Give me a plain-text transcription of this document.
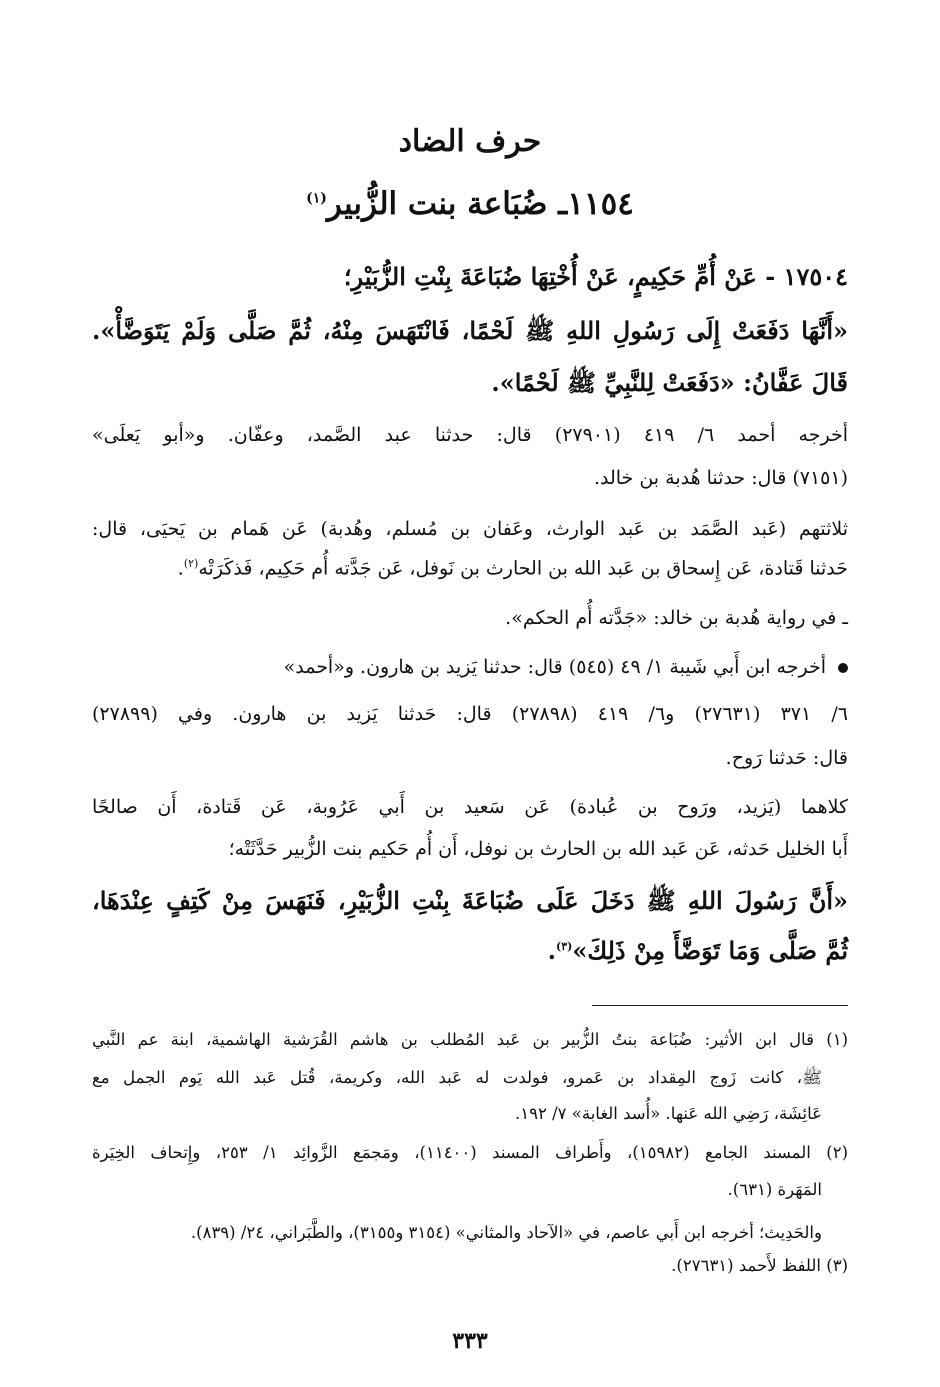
حرف الضاد
١١٥٤ـ ضُبَاعة بنت الزُّبير$^{(١)}$
١٧٥٠٤ - عَنْ أُمِّ حَكِيمٍ، عَنْ أُخْتِهَا ضُبَاعَةَ بِنْتِ الزُّبَيْرِ؛
«أَنَّهَا دَفَعَتْ إِلَى رَسُولِ اللهِ ﷺ لَحْمًا، فَانْتَهَسَ مِنْهُ، ثُمَّ صَلَّى وَلَمْ يَتَوَضَّأْ».
قَالَ عَفَّانُ: «دَفَعَتْ لِلنَّبِيِّ ﷺ لَحْمًا».
أخرجه أحمد ٦/ ٤١٩ (٢٧٩٠١) قال: حدثنا عبد الصَّمد، وعفّان. و«أبو يَعلَى»
(٧١٥١) قال: حدثنا هُدبة بن خالد.
ثلاثتهم (عَبد الصَّمَد بن عَبد الوارث، وعَفان بن مُسلم، وهُدبة) عَن هَمام بن يَحيَى، قال:
حَدثنا قَتادة، عَن إِسحاق بن عَبد الله بن الحارث بن نَوفل، عَن جَدَّته أُم حَكِيم، فَذكَرَتْه$^{(٢)}$.
ـ في رواية هُدبة بن خالد: «جَدَّته أُم الحكم».
أخرجه ابن أَبي شَيبة ١/ ٤٩ (٥٤٥) قال: حدثنا يَزيد بن هارون. و«أحمد»
٦/ ٣٧١ (٢٧٦٣١) و٦/ ٤١٩ (٢٧٨٩٨) قال: حَدثنا يَزيد بن هارون. وفي (٢٧٨٩٩)
قال: حَدثنا رَوح.
كلاهما (يَزيد، ورَوح بن عُبادة) عَن سَعيد بن أَبي عَرُوبة، عَن قَتادة، أَن صالحًا
أَبا الخليل حَدثه، عَن عَبد الله بن الحارث بن نوفل، أَن أُم حَكيم بنت الزُّبير حَدَّثَتْه؛
«أَنَّ رَسُولَ اللهِ ﷺ دَخَلَ عَلَى ضُبَاعَةَ بِنْتِ الزُّبَيْرِ، فَنَهَسَ مِنْ كَتِفٍ عِنْدَهَا،
ثُمَّ صَلَّى وَمَا تَوَضَّأَ مِنْ ذَلِكَ»$^{(٣)}$.
(١) قال ابن الأثير: ضُبَاعة بنتُ الزُّبير بن عَبد المُطلب بن هاشم القُرَشية الهاشمية، ابنة عم النَّبي
ﷺ، كانت زَوج المِقداد بن عَمرو، فولدت له عَبد الله، وكريمة، قُتل عَبد الله يَوم الجمل مع
عَائِشَة، رَضِي الله عَنها. «أُسد الغابة» ٧/ ١٩٢.
(٢) المسند الجامع (١٥٩٨٢)، وأَطراف المسند (١١٤٠٠)، ومَجمَع الزَّوائِد ١/ ٢٥٣، وإِتحاف الخِيَرة
المَهَرة (٦٣١).
والحَدِيث؛ أخرجه ابن أَبي عاصم، في «الآحاد والمثاني» (٣١٥٤ و٣١٥٥)، والطَّبَراني، ٢٤/ (٨٣٩).
(٣) اللفظ لأَحمد (٢٧٦٣١).
٣٣٣
